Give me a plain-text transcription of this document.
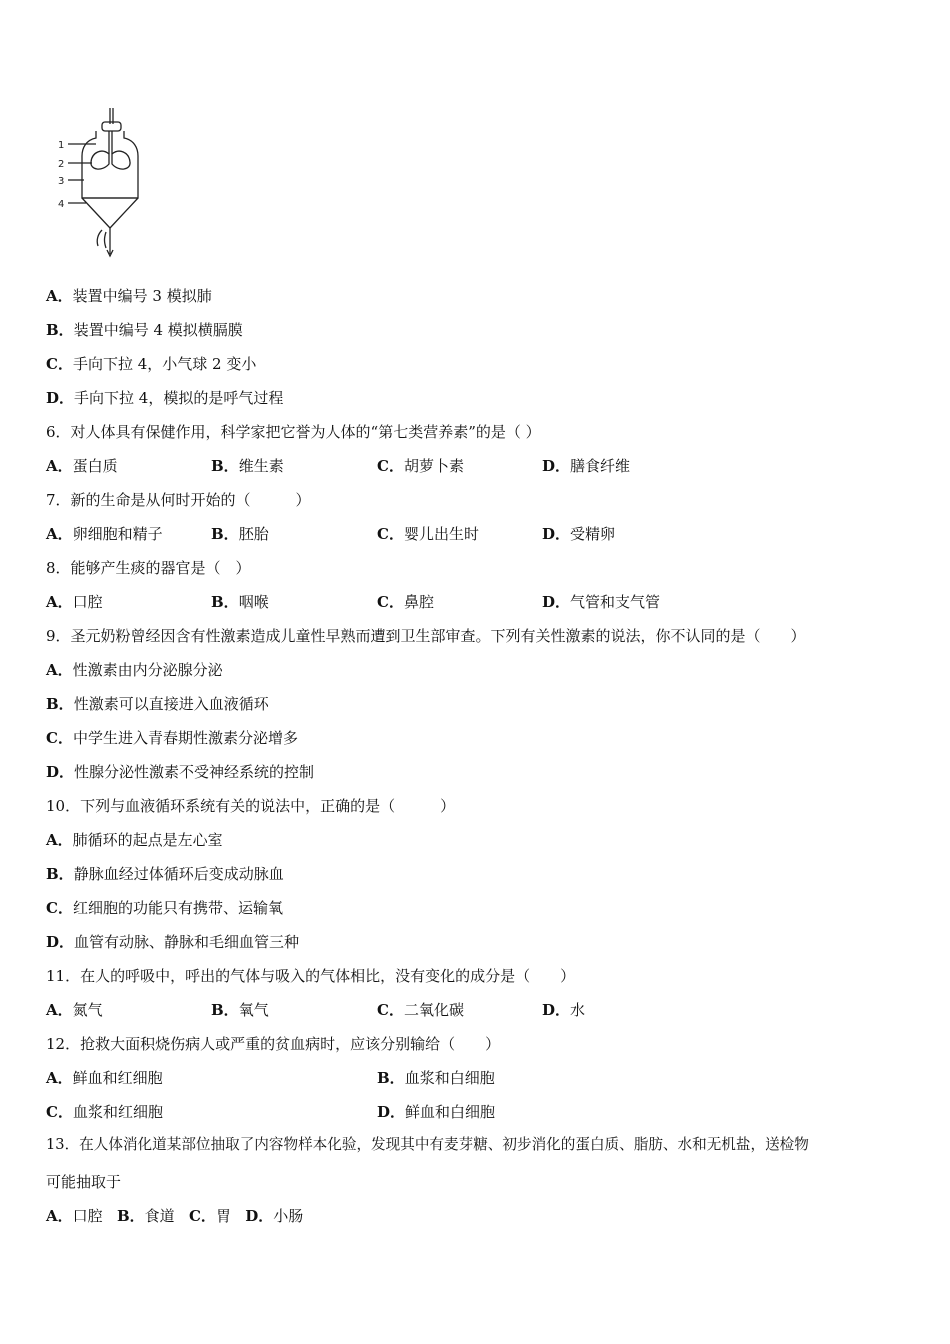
1
2
3
4
A．装置中编号 3 模拟肺
B．装置中编号 4 模拟横膈膜
C．手向下拉 4，小气球 2 变小
D．手向下拉 4，模拟的是呼气过程
6．对人体具有保健作用，科学家把它誉为人体的“第七类营养素”的是（ ）
A．蛋白质	B．维生素	C．胡萝卜素	D．膳食纤维
7．新的生命是从何时开始的（　　　）
A．卵细胞和精子	B．胚胎	C．婴儿出生时	D．受精卵
8．能够产生痰的器官是（　）
A．口腔	B．咽喉	C．鼻腔	D．气管和支气管
9．圣元奶粉曾经因含有性激素造成儿童性早熟而遭到卫生部审查。下列有关性激素的说法，你不认同的是（　　）
A．性激素由内分泌腺分泌
B．性激素可以直接进入血液循环
C．中学生进入青春期性激素分泌增多
D．性腺分泌性激素不受神经系统的控制
10．下列与血液循环系统有关的说法中，正确的是（　　　）
A．肺循环的起点是左心室
B．静脉血经过体循环后变成动脉血
C．红细胞的功能只有携带、运输氧
D．血管有动脉、静脉和毛细血管三种
11．在人的呼吸中，呼出的气体与吸入的气体相比，没有变化的成分是（　　）
A．氮气	B．氧气	C．二氧化碳	D．水
12．抢救大面积烧伤病人或严重的贫血病时，应该分别输给（　　）
A．鲜血和红细胞	B．血浆和白细胞
C．血浆和红细胞	D．鲜血和白细胞
13．在人体消化道某部位抽取了内容物样本化验，发现其中有麦芽糖、初步消化的蛋白质、脂肪、水和无机盐，送检物
可能抽取于
A．口腔 B．食道 C．胃 D．小肠
